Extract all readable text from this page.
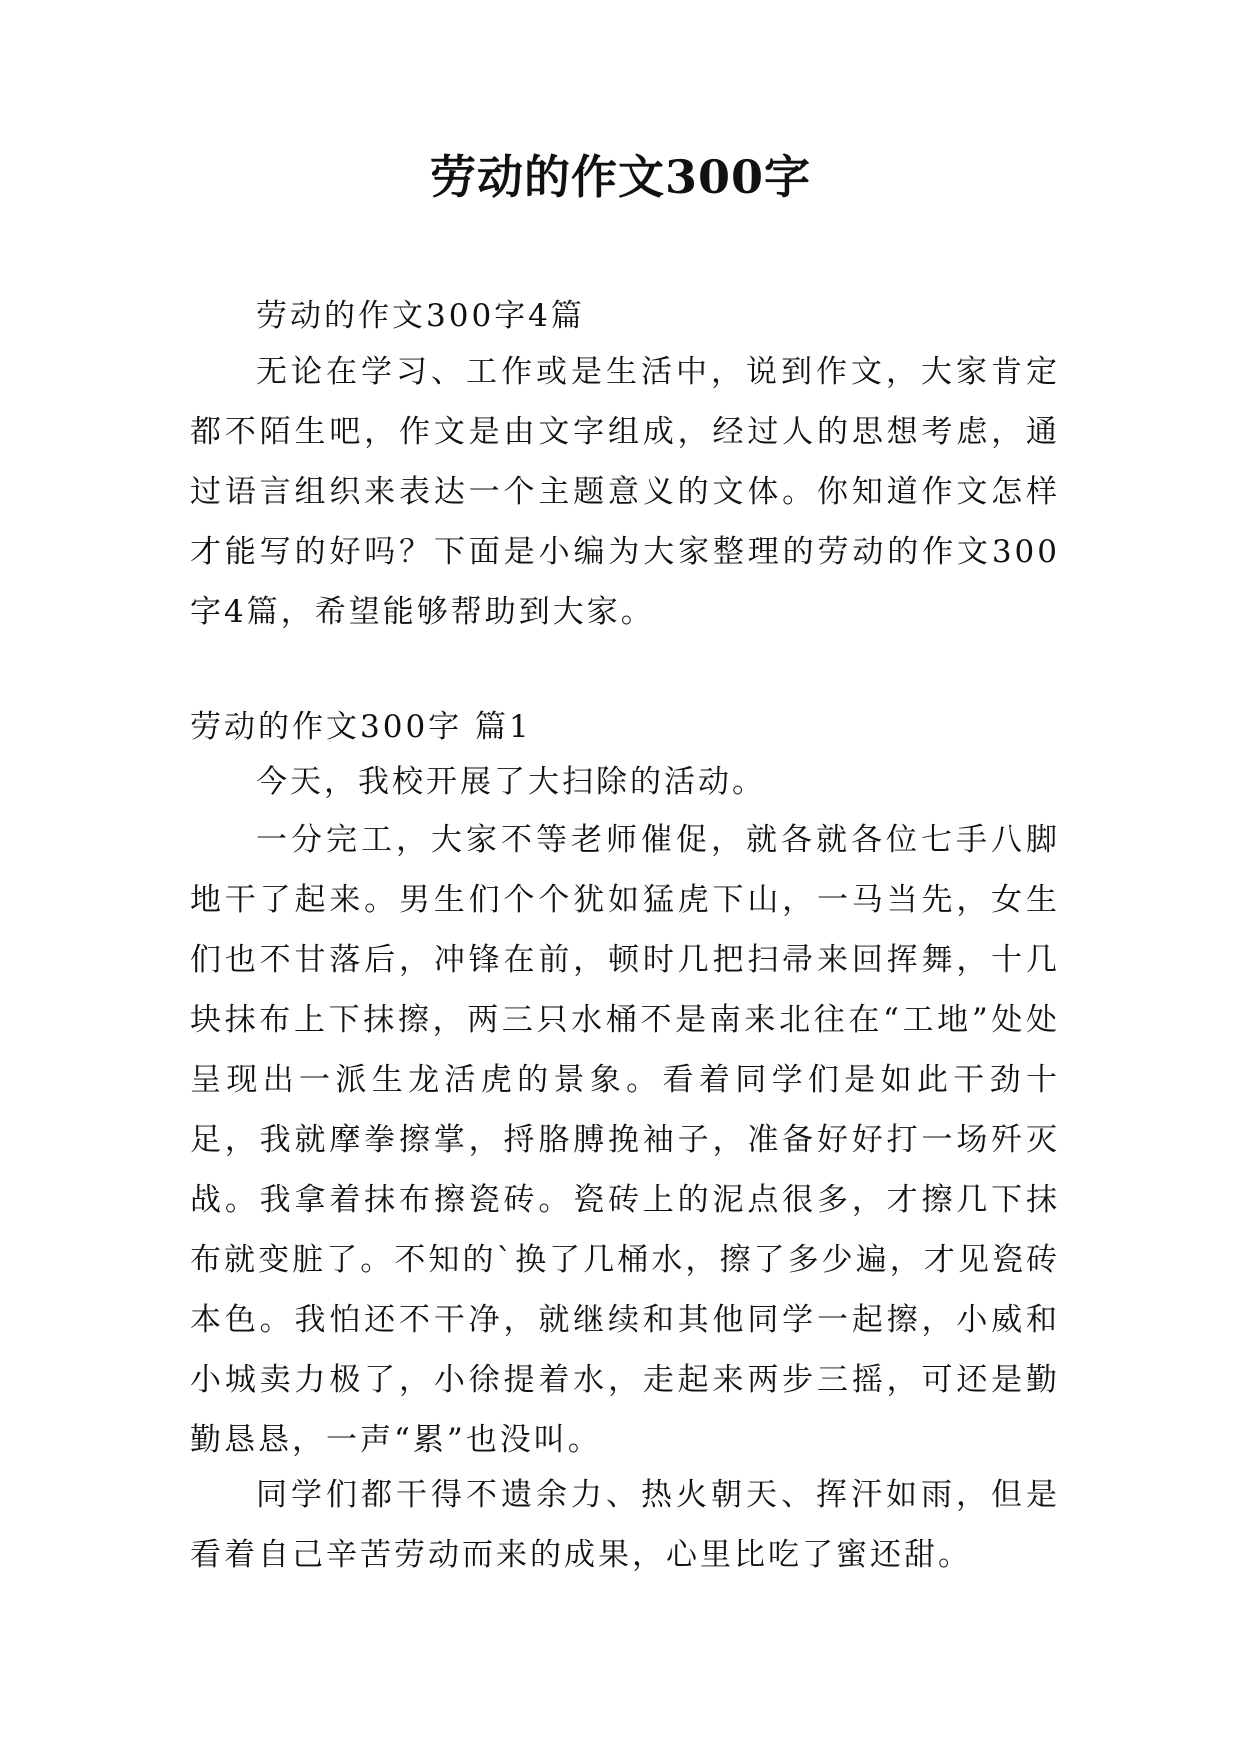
劳动的作文300字

劳动的作文300字4篇

无论在学习、工作或是生活中，说到作文，大家肯定都不陌生吧，作文是由文字组成，经过人的思想考虑，通过语言组织来表达一个主题意义的文体。你知道作文怎样才能写的好吗？下面是小编为大家整理的劳动的作文300字4篇，希望能够帮助到大家。

劳动的作文300字 篇1

今天，我校开展了大扫除的活动。

一分完工，大家不等老师催促，就各就各位七手八脚地干了起来。男生们个个犹如猛虎下山，一马当先，女生们也不甘落后，冲锋在前，顿时几把扫帚来回挥舞，十几块抹布上下抹擦，两三只水桶不是南来北往在“工地”处处呈现出一派生龙活虎的景象。看着同学们是如此干劲十足，我就摩拳擦掌，捋胳膊挽袖子，准备好好打一场歼灭战。我拿着抹布擦瓷砖。瓷砖上的泥点很多，才擦几下抹布就变脏了。不知的`换了几桶水，擦了多少遍，才见瓷砖本色。我怕还不干净，就继续和其他同学一起擦，小威和小城卖力极了，小徐提着水，走起来两步三摇，可还是勤勤恳恳，一声“累”也没叫。

同学们都干得不遗余力、热火朝天、挥汗如雨，但是看着自己辛苦劳动而来的成果，心里比吃了蜜还甜。
